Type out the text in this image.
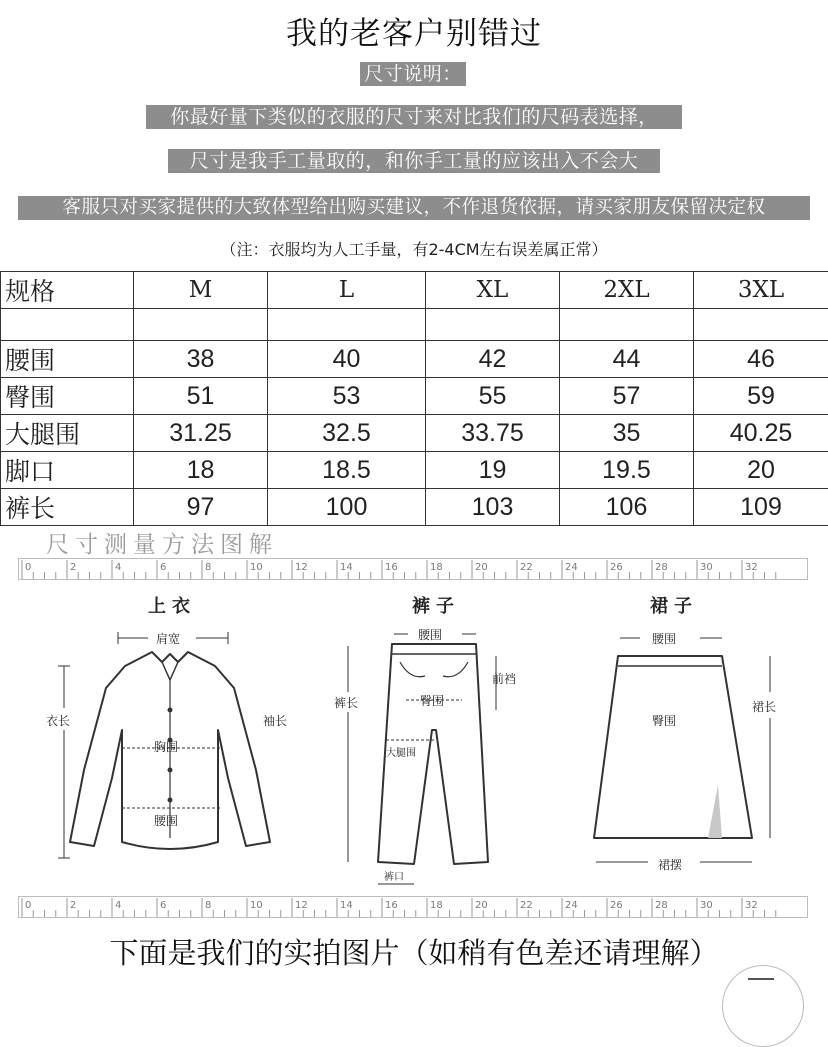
我的老客户别错过
尺寸说明：
你最好量下类似的衣服的尺寸来对比我们的尺码表选择，
尺寸是我手工量取的，和你手工量的应该出入不会大
客服只对买家提供的大致体型给出购买建议，不作退货依据，请买家朋友保留决定权
（注：衣服均为人工手量，有2-4CM左右误差属正常）
规格	M	L	XL	2XL	3XL

腰围	38	40	42	44	46
臀围	51	53	55	57	59
大腿围	31.25	32.5	33.75	35	40.25
脚口	18	18.5	19	19.5	20
裤长	97	100	103	106	109
尺寸测量方法图解
0	2	4	6	8	10	12	14	16	18	20	22	24	26	28	30	32
上衣
肩宽
衣长	袖长
胸围
腰围
裤子
腰围
前裆
裤长	臀围
大腿围
裤口
裙子
腰围
臀围
裙长
裙摆
0	2	4	6	8	10	12	14	16	18	20	22	24	26	28	30	32
下面是我们的实拍图片（如稍有色差还请理解）
